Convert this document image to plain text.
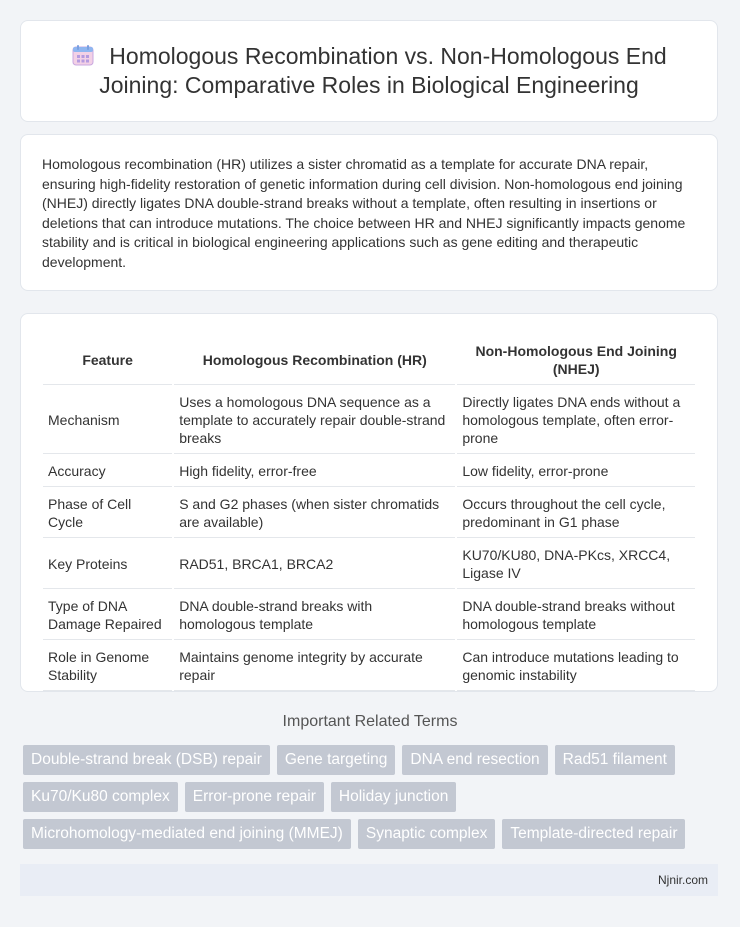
Homologous Recombination vs. Non-Homologous End Joining: Comparative Roles in Biological Engineering

Homologous recombination (HR) utilizes a sister chromatid as a template for accurate DNA repair, ensuring high-fidelity restoration of genetic information during cell division. Non-homologous end joining (NHEJ) directly ligates DNA double-strand breaks without a template, often resulting in insertions or deletions that can introduce mutations. The choice between HR and NHEJ significantly impacts genome stability and is critical in biological engineering applications such as gene editing and therapeutic development.

Feature	Homologous Recombination (HR)	Non-Homologous End Joining (NHEJ)
Mechanism	Uses a homologous DNA sequence as a template to accurately repair double-strand breaks	Directly ligates DNA ends without a homologous template, often error-prone
Accuracy	High fidelity, error-free	Low fidelity, error-prone
Phase of Cell Cycle	S and G2 phases (when sister chromatids are available)	Occurs throughout the cell cycle, predominant in G1 phase
Key Proteins	RAD51, BRCA1, BRCA2	KU70/KU80, DNA-PKcs, XRCC4, Ligase IV
Type of DNA Damage Repaired	DNA double-strand breaks with homologous template	DNA double-strand breaks without homologous template
Role in Genome Stability	Maintains genome integrity by accurate repair	Can introduce mutations leading to genomic instability
Important Related Terms
Double-strand break (DSB) repair	Gene targeting	DNA end resection	Rad51 filament
Ku70/Ku80 complex	Error-prone repair	Holiday junction
Microhomology-mediated end joining (MMEJ)	Synaptic complex	Template-directed repair
Njnir.com
